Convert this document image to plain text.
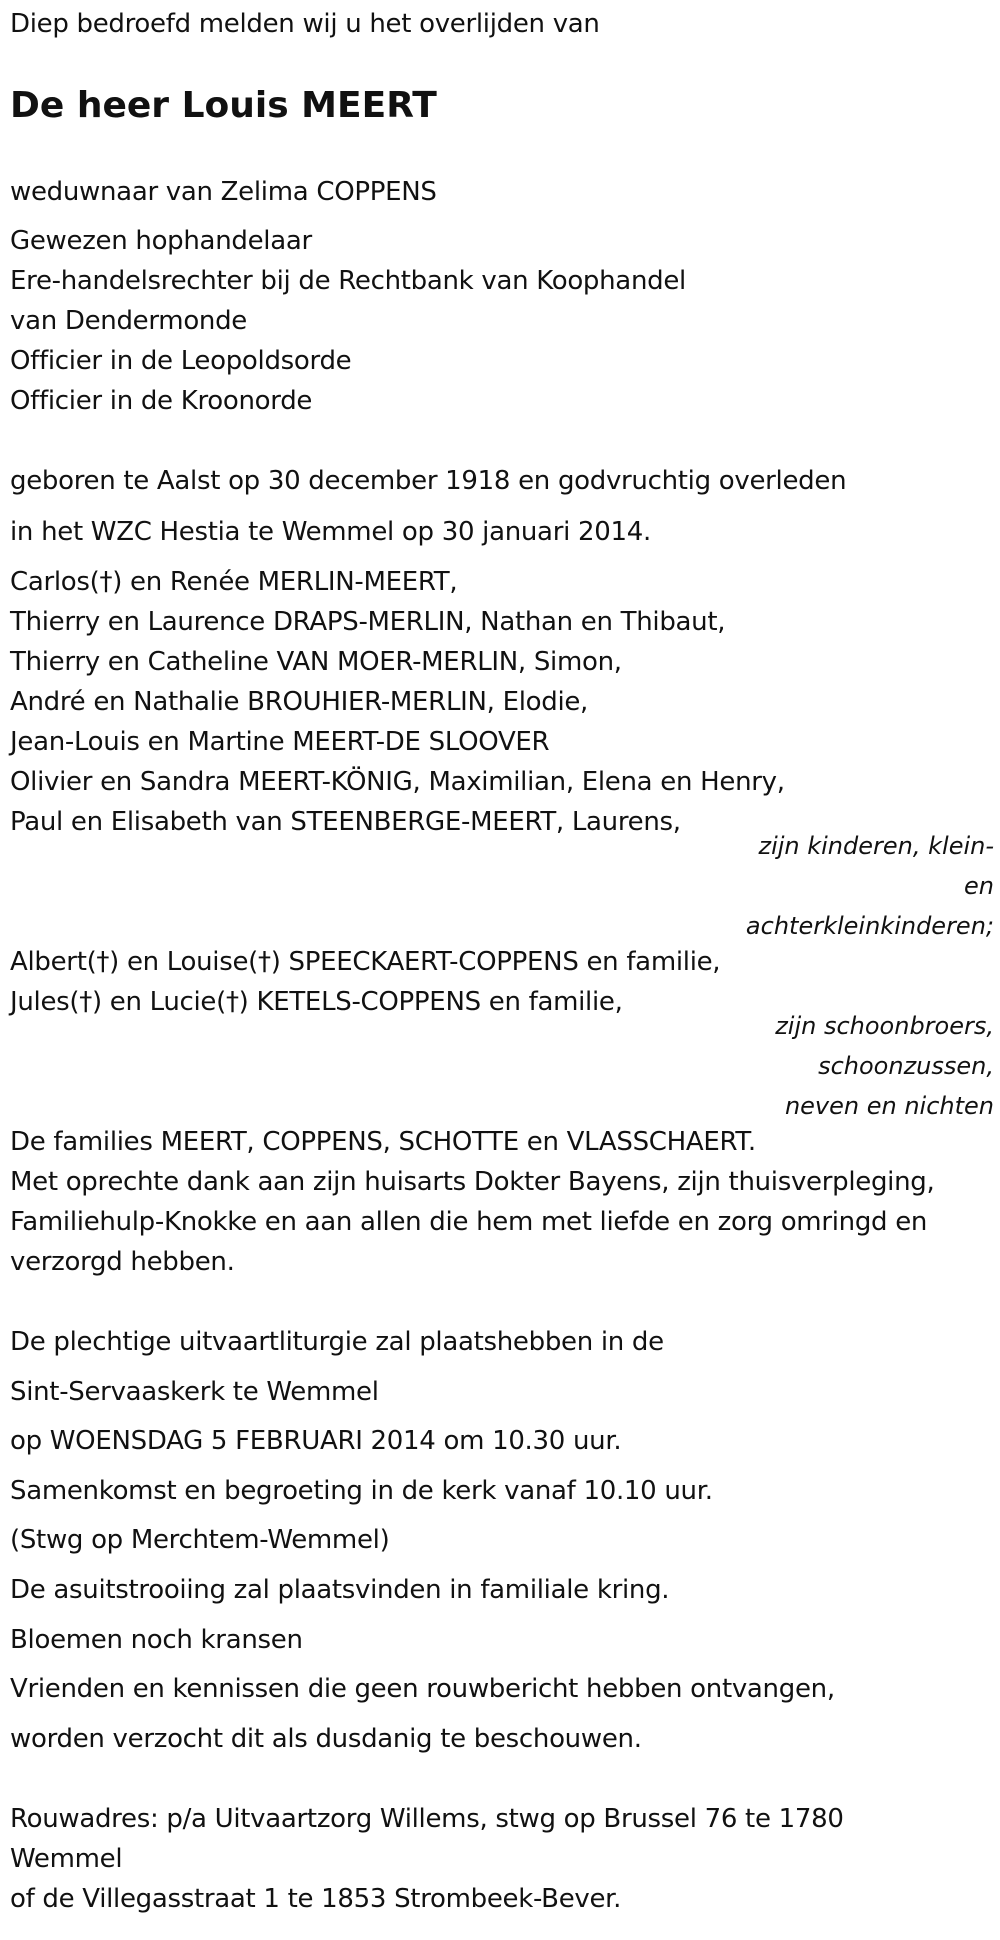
Diep bedroefd melden wij u het overlijden van
De heer Louis MEERT
weduwnaar van Zelima COPPENS
Gewezen hophandelaar
Ere-handelsrechter bij de Rechtbank van Koophandel
van Dendermonde
Officier in de Leopoldsorde
Officier in de Kroonorde
geboren te Aalst op 30 december 1918 en godvruchtig overleden
in het WZC Hestia te Wemmel op 30 januari 2014.
Carlos(†) en Renée MERLIN-MEERT,
Thierry en Laurence DRAPS-MERLIN, Nathan en Thibaut,
Thierry en Catheline VAN MOER-MERLIN, Simon,
André en Nathalie BROUHIER-MERLIN, Elodie,
Jean-Louis en Martine MEERT-DE SLOOVER
Olivier en Sandra MEERT-KÖNIG, Maximilian, Elena en Henry,
Paul en Elisabeth van STEENBERGE-MEERT, Laurens,
zijn kinderen, klein-
en
achterkleinkinderen;
Albert(†) en Louise(†) SPEECKAERT-COPPENS en familie,
Jules(†) en Lucie(†) KETELS-COPPENS en familie,
zijn schoonbroers,
schoonzussen,
neven en nichten
De families MEERT, COPPENS, SCHOTTE en VLASSCHAERT.
Met oprechte dank aan zijn huisarts Dokter Bayens, zijn thuisverpleging,
Familiehulp-Knokke en aan allen die hem met liefde en zorg omringd en
verzorgd hebben.
De plechtige uitvaartliturgie zal plaatshebben in de
Sint-Servaaskerk te Wemmel
op WOENSDAG 5 FEBRUARI 2014 om 10.30 uur.
Samenkomst en begroeting in de kerk vanaf 10.10 uur.
(Stwg op Merchtem-Wemmel)
De asuitstrooiing zal plaatsvinden in familiale kring.
Bloemen noch kransen
Vrienden en kennissen die geen rouwbericht hebben ontvangen,
worden verzocht dit als dusdanig te beschouwen.
Rouwadres: p/a Uitvaartzorg Willems, stwg op Brussel 76 te 1780
Wemmel
of de Villegasstraat 1 te 1853 Strombeek-Bever.
